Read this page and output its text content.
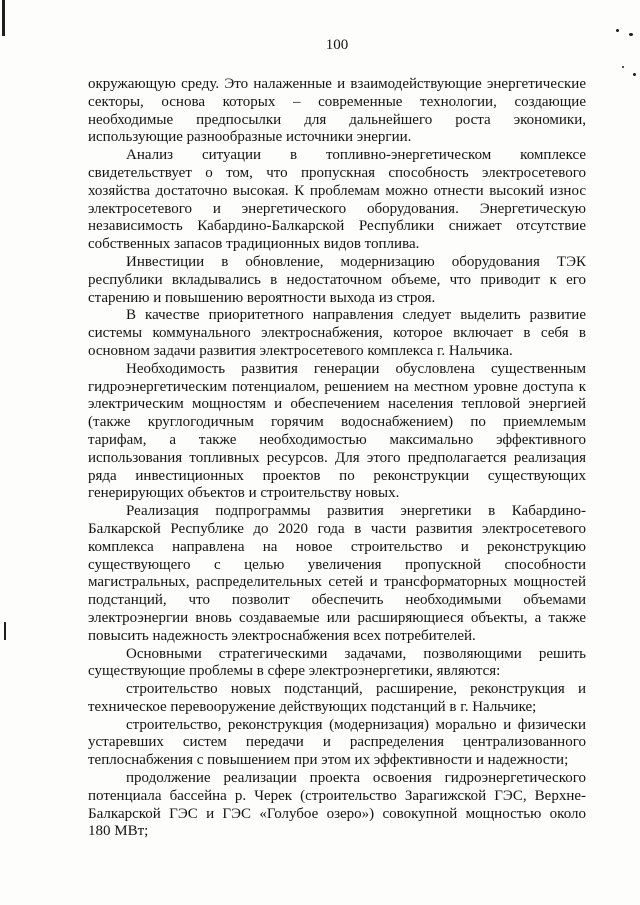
100
окружающую среду. Это налаженные и взаимодействующие энергетические
секторы, основа которых – современные технологии, создающие
необходимые предпосылки для дальнейшего роста экономики,
использующие разнообразные источники энергии.
Анализ ситуации в топливно-энергетическом комплексе
свидетельствует о том, что пропускная способность электросетевого
хозяйства достаточно высокая. К проблемам можно отнести высокий износ
электросетевого и энергетического оборудования. Энергетическую
независимость Кабардино-Балкарской Республики снижает отсутствие
собственных запасов традиционных видов топлива.
Инвестиции в обновление, модернизацию оборудования ТЭК
республики вкладывались в недостаточном объеме, что приводит к его
старению и повышению вероятности выхода из строя.
В качестве приоритетного направления следует выделить развитие
системы коммунального электроснабжения, которое включает в себя в
основном задачи развития электросетевого комплекса г. Нальчика.
Необходимость развития генерации обусловлена существенным
гидроэнергетическим потенциалом, решением на местном уровне доступа к
электрическим мощностям и обеспечением населения тепловой энергией
(также круглогодичным горячим водоснабжением) по приемлемым
тарифам, а также необходимостью максимально эффективного
использования топливных ресурсов. Для этого предполагается реализация
ряда инвестиционных проектов по реконструкции существующих
генерирующих объектов и строительству новых.
Реализация подпрограммы развития энергетики в Кабардино-
Балкарской Республике до 2020 года в части развития электросетевого
комплекса направлена на новое строительство и реконструкцию
существующего с целью увеличения пропускной способности
магистральных, распределительных сетей и трансформаторных мощностей
подстанций, что позволит обеспечить необходимыми объемами
электроэнергии вновь создаваемые или расширяющиеся объекты, а также
повысить надежность электроснабжения всех потребителей.
Основными стратегическими задачами, позволяющими решить
существующие проблемы в сфере электроэнергетики, являются:
строительство новых подстанций, расширение, реконструкция и
техническое перевооружение действующих подстанций в г. Нальчике;
строительство, реконструкция (модернизация) морально и физически
устаревших систем передачи и распределения централизованного
теплоснабжения с повышением при этом их эффективности и надежности;
продолжение реализации проекта освоения гидроэнергетического
потенциала бассейна р. Черек (строительство Зарагижской ГЭС, Верхне-
Балкарской ГЭС и ГЭС «Голубое озеро») совокупной мощностью около
180 МВт;
